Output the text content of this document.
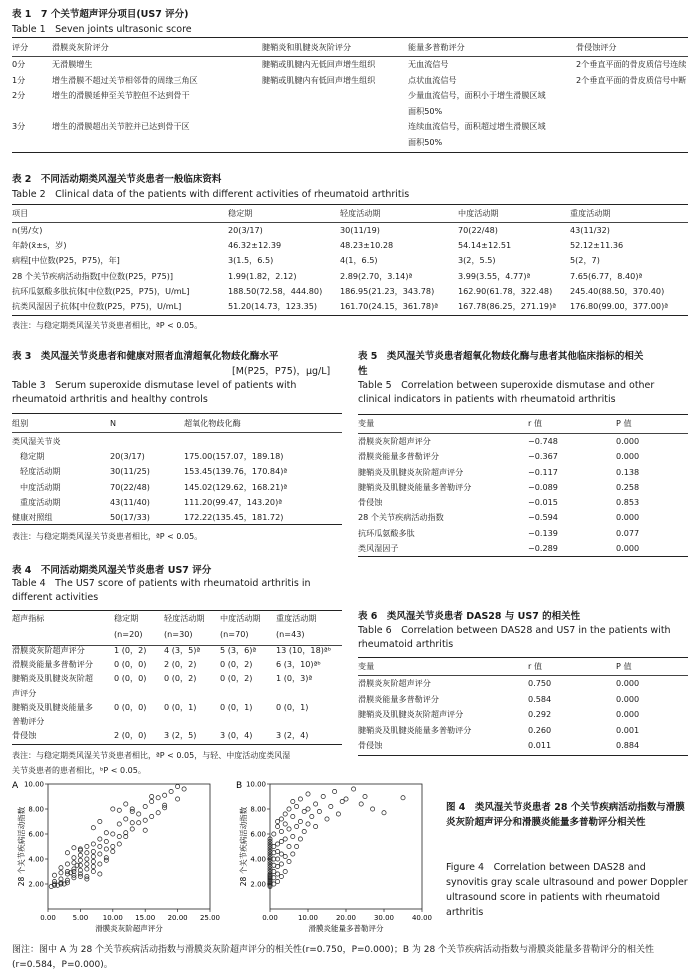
表 1　7 个关节超声评分项目(US7 评分)
Table 1　Seven joints ultrasonic score
评分	滑膜炎灰阶评分	腱鞘炎和肌腱炎灰阶评分	能量多普勒评分	骨侵蚀评分
0分	无滑膜增生	腱鞘或肌腱内无低回声增生组织	无血流信号	2个垂直平面的骨皮质信号连续
1分	增生滑膜不超过关节相邻骨的周缘三角区	腱鞘或肌腱内有低回声增生组织	点状血流信号	2个垂直平面的骨皮质信号中断
2分	增生的滑膜延伸至关节腔但不达到骨干		少量血流信号，面积小于增生滑膜区域	
			面积50%	
3分	增生的滑膜超出关节腔并已达到骨干区		连续血流信号，面积超过增生滑膜区域	
			面积50%	
表 2　不同活动期类风湿关节炎患者一般临床资料
Table 2　Clinical data of the patients with different activities of rheumatoid arthritis
项目	稳定期	轻度活动期	中度活动期	重度活动期
n(男/女)	20(3/17)	30(11/19)	70(22/48)	43(11/32)
年龄(x̄±s，岁)	46.32±12.39	48.23±10.28	54.14±12.51	52.12±11.36
病程[中位数(P25，P75)，年]	3(1.5，6.5)	4(1，6.5)	3(2，5.5)	5(2，7)
28 个关节疾病活动指数[中位数(P25，P75)]	1.99(1.82，2.12)	2.89(2.70，3.14)ª	3.99(3.55，4.77)ª	7.65(6.77，8.40)ª
抗环瓜氨酸多肽抗体[中位数(P25，P75)，U/mL]	188.50(72.58，444.80)	186.95(21.23，343.78)	162.90(61.78，322.48)	245.40(88.50，370.40)
抗类风湿因子抗体[中位数(P25，P75)，U/mL]	51.20(14.73，123.35)	161.70(24.15，361.78)ª	167.78(86.25，271.19)ª	176.80(99.00，377.00)ª
表注：与稳定期类风湿关节炎患者相比，ªP < 0.05。
表 3　类风湿关节炎患者和健康对照者血清超氧化物歧化酶水平
[M(P25，P75)，μg/L]
Table 3　Serum superoxide dismutase level of patients with rheumatoid arthritis and healthy controls
组别	N	超氧化物歧化酶
类风湿关节炎		
稳定期	20(3/17)	175.00(157.07，189.18)
轻度活动期	30(11/25)	153.45(139.76，170.84)ª
中度活动期	70(22/48)	145.02(129.62，168.21)ª
重度活动期	43(11/40)	111.20(99.47，143.20)ª
健康对照组	50(17/33)	172.22(135.45，181.72)
表注：与稳定期类风湿关节炎患者相比，ªP < 0.05。
表 4　不同活动期类风湿关节炎患者 US7 评分
Table 4　The US7 score of patients with rheumatoid arthritis in different activities
超声指标	稳定期	轻度活动期	中度活动期	重度活动期
	(n=20)	(n=30)	(n=70)	(n=43)
滑膜炎灰阶超声评分	1 (0，2)	4 (3，5)ª	5 (3，6)ª	13 (10，18)ªᵇ
滑膜炎能量多普勒评分	0 (0，0)	2 (0，2)	0 (0，2)	6 (3，10)ªᵇ
腱鞘炎及肌腱炎灰阶超	0 (0，0)	0 (0，2)	0 (0，2)	1 (0，3)ª
声评分				
腱鞘炎及肌腱炎能量多	0 (0，0)	0 (0，1)	0 (0，1)	0 (0，1)
普勒评分				
骨侵蚀	2 (0，0)	3 (2，5)	3 (0，4)	3 (2，4)
表注：与稳定期类风湿关节炎患者相比，ªP < 0.05，与轻、中度活动度类风湿
关节炎患者的患者相比，ᵇP < 0.05。
表 5　类风湿关节炎患者超氧化物歧化酶与患者其他临床指标的相关
性
Table 5　Correlation between superoxide dismutase and other clinical indicators in patients with rheumatoid arthritis
变量	r 值	P 值
滑膜炎灰阶超声评分	−0.748	0.000
滑膜炎能量多普勒评分	−0.367	0.000
腱鞘炎及肌腱炎灰阶超声评分	−0.117	0.138
腱鞘炎及肌腱炎能量多普勒评分	−0.089	0.258
骨侵蚀	−0.015	0.853
28 个关节疾病活动指数	−0.594	0.000
抗环瓜氨酸多肽	−0.139	0.077
类风湿因子	−0.289	0.000
表 6　类风湿关节炎患者 DAS28 与 US7 的相关性
Table 6　Correlation between DAS28 and US7 in the patients with rheumatoid arthritis
变量	r 值	P 值
滑膜炎灰阶超声评分	0.750	0.000
滑膜炎能量多普勒评分	0.584	0.000
腱鞘炎及肌腱炎灰阶超声评分	0.292	0.000
腱鞘炎及肌腱炎能量多普勒评分	0.260	0.001
骨侵蚀	0.011	0.884
A
2.00
4.00
6.00
8.00
10.00
0.00 5.00 10.00 15.00 20.00 25.00
滑膜炎灰阶超声评分
28 个关节疾病活动指数
B
2.00
4.00
6.00
8.00
10.00
0.00	10.00	20.00	30.00	40.00
滑膜炎能量多普勒评分
28 个关节疾病活动指数	图 4　类风湿关节炎患者 28 个关节疾病活动指数与滑膜炎灰阶超声评分和滑膜炎能量多普勒评分相关性
Figure 4　Correlation between DAS28 and synovitis gray scale ultrasound and power Doppler ultrasound score in patients with rheumatoid arthritis
图注：图中 A 为 28 个关节疾病活动指数与滑膜炎灰阶超声评分的相关性(r=0.750，P=0.000)；B 为 28 个关节疾病活动指数与滑膜炎能量多普勒评分的相关性(r=0.584，P=0.000)。
